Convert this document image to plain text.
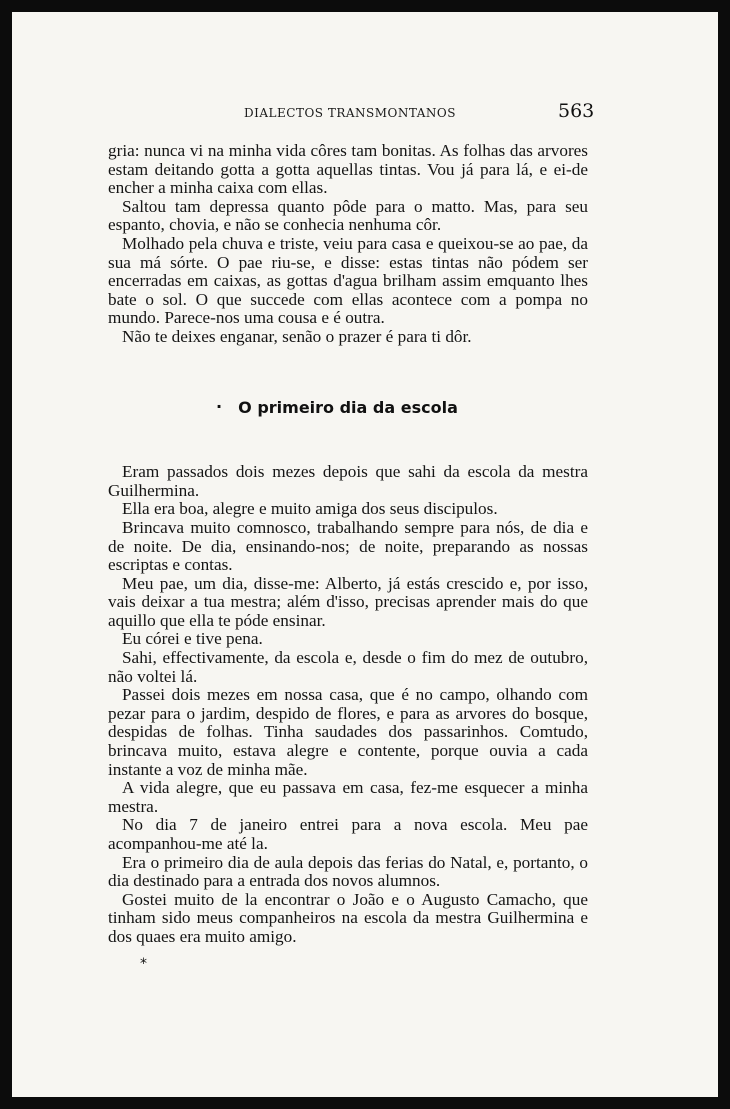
DIALECTOS TRANSMONTANOS	563

gria: nunca vi na minha vida côres tam bonitas. As folhas das arvores estam deitando gotta a gotta aquellas tintas. Vou já para lá, e ei-de encher a minha caixa com ellas.

Saltou tam depressa quanto pôde para o matto. Mas, para seu espanto, chovia, e não se conhecia nenhuma côr.

Molhado pela chuva e triste, veiu para casa e queixou-se ao pae, da sua má sórte. O pae riu-se, e disse: estas tintas não pódem ser encerradas em caixas, as gottas d'agua brilham assim emquanto lhes bate o sol. O que succede com ellas acontece com a pompa no mundo. Parece-nos uma cousa e é outra.

Não te deixes enganar, senão o prazer é para ti dôr.

· O primeiro dia da escola

Eram passados dois mezes depois que sahi da escola da mestra Guilhermina.

Ella era boa, alegre e muito amiga dos seus discipulos.

Brincava muito comnosco, trabalhando sempre para nós, de dia e de noite. De dia, ensinando-nos; de noite, preparando as nossas escriptas e contas.

Meu pae, um dia, disse-me: Alberto, já estás crescido e, por isso, vais deixar a tua mestra; além d'isso, precisas aprender mais do que aquillo que ella te póde ensinar.

Eu córei e tive pena.

Sahi, effectivamente, da escola e, desde o fim do mez de outubro, não voltei lá.

Passei dois mezes em nossa casa, que é no campo, olhando com pezar para o jardim, despido de flores, e para as arvores do bosque, despidas de folhas. Tinha saudades dos passarinhos. Comtudo, brincava muito, estava alegre e contente, porque ouvia a cada instante a voz de minha mãe.

A vida alegre, que eu passava em casa, fez-me esquecer a minha mestra.

No dia 7 de janeiro entrei para a nova escola. Meu pae acompanhou-me até la.

Era o primeiro dia de aula depois das ferias do Natal, e, portanto, o dia destinado para a entrada dos novos alumnos.

Gostei muito de la encontrar o João e o Augusto Camacho, que tinham sido meus companheiros na escola da mestra Guilhermina e dos quaes era muito amigo.

*
